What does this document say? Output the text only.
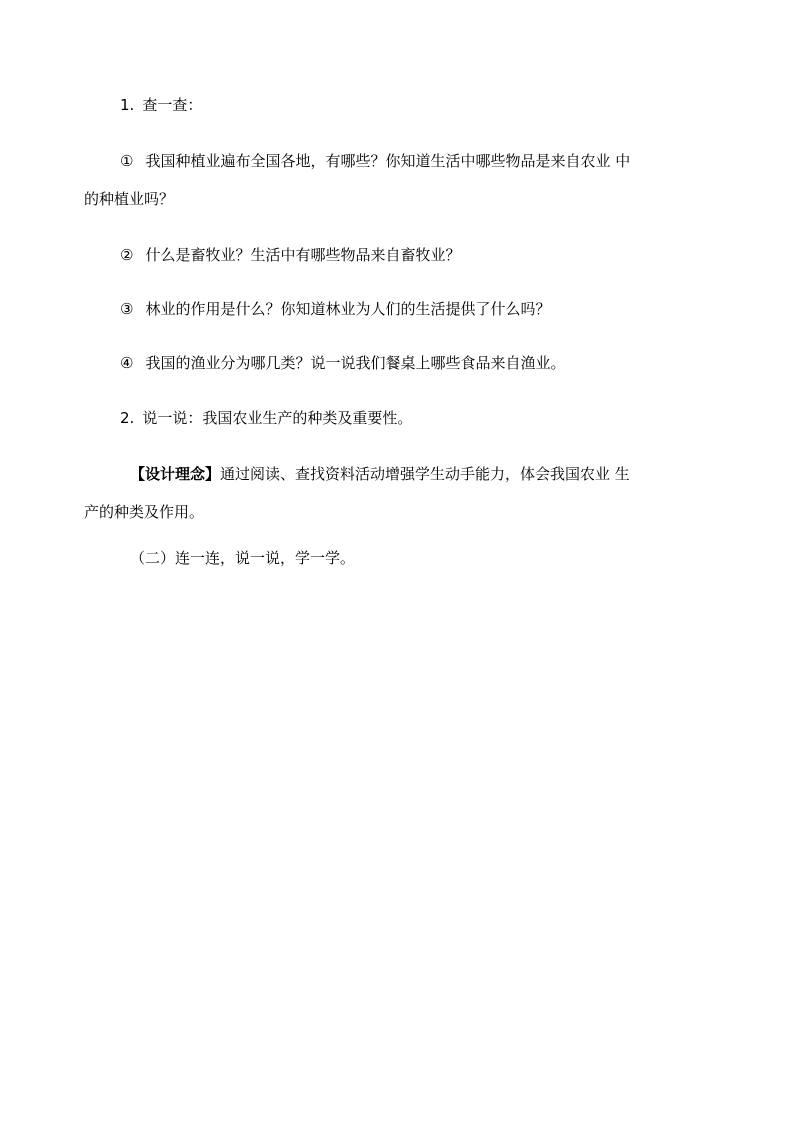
1. 查一查：
① 我国种植业遍布全国各地，有哪些？你知道生活中哪些物品是来自农业 中
的种植业吗？
② 什么是畜牧业？生活中有哪些物品来自畜牧业？
③ 林业的作用是什么？你知道林业为人们的生活提供了什么吗？
④ 我国的渔业分为哪几类？说一说我们餐桌上哪些食品来自渔业。
2. 说一说：我国农业生产的种类及重要性。
【设计理念】通过阅读、查找资料活动增强学生动手能力，体会我国农业 生
产的种类及作用。
（二）连一连，说一说，学一学。
